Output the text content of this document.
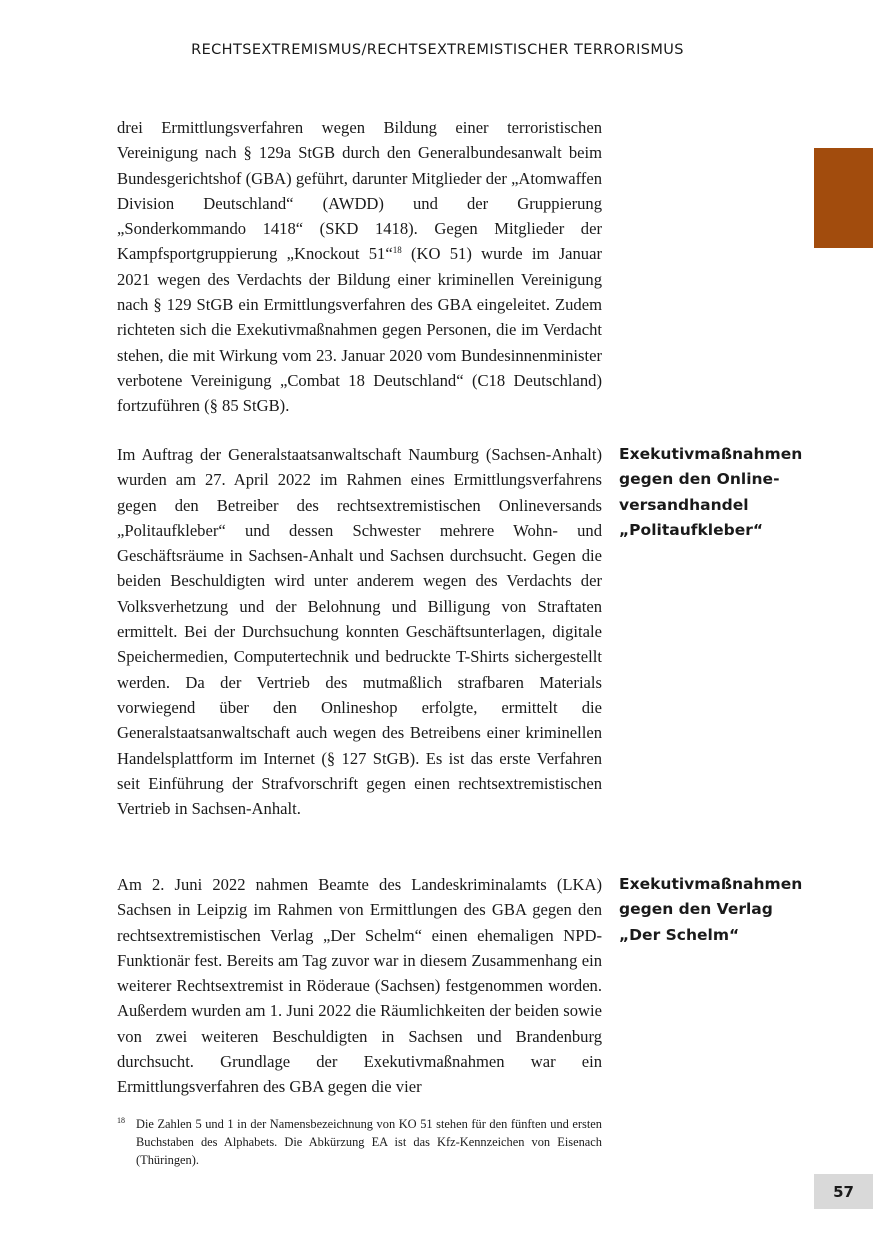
RECHTSEXTREMISMUS/RECHTSEXTREMISTISCHER TERRORISMUS

drei Ermittlungsverfahren wegen Bildung einer terroristischen Vereinigung nach § 129a StGB durch den Generalbundesanwalt beim Bundesgerichtshof (GBA) geführt, darunter Mitglieder der „Atomwaffen Division Deutschland“ (AWDD) und der Gruppierung „Sonderkommando 1418“ (SKD 1418). Gegen Mitglieder der Kampfsportgruppierung „Knockout 51“$^{18}$ (KO 51) wurde im Januar 2021 wegen des Verdachts der Bildung einer kriminellen Vereinigung nach § 129 StGB ein Ermittlungsverfahren des GBA eingeleitet. Zudem richteten sich die Exekutivmaßnahmen gegen Personen, die im Verdacht stehen, die mit Wirkung vom 23. Januar 2020 vom Bundesinnenminister verbotene Vereinigung „Combat 18 Deutschland“ (C18 Deutschland) fortzuführen (§ 85 StGB).

Im Auftrag der Generalstaatsanwaltschaft Naumburg (Sachsen-Anhalt) wurden am 27. April 2022 im Rahmen eines Ermittlungsverfahrens gegen den Betreiber des rechtsextremistischen Onlineversands „Politaufkleber“ und dessen Schwester mehrere Wohn- und Geschäftsräume in Sachsen-Anhalt und Sachsen durchsucht. Gegen die beiden Beschuldigten wird unter anderem wegen des Verdachts der Volksverhetzung und der Belohnung und Billigung von Straftaten ermittelt. Bei der Durchsuchung konnten Geschäftsunterlagen, digitale Speichermedien, Computertechnik und bedruckte T-Shirts sichergestellt werden. Da der Vertrieb des mutmaßlich strafbaren Materials vorwiegend über den Onlineshop erfolgte, ermittelt die Generalstaatsanwaltschaft auch wegen des Betreibens einer kriminellen Handelsplattform im Internet (§ 127 StGB). Es ist das erste Verfahren seit Einführung der Strafvorschrift gegen einen rechtsextremistischen Vertrieb in Sachsen-Anhalt.

Exekutivmaßnahmen
gegen den Online-
versandhandel
„Politaufkleber“

Am 2. Juni 2022 nahmen Beamte des Landeskriminalamts (LKA) Sachsen in Leipzig im Rahmen von Ermittlungen des GBA gegen den rechtsextremistischen Verlag „Der Schelm“ einen ehemaligen NPD-Funktionär fest. Bereits am Tag zuvor war in diesem Zusammenhang ein weiterer Rechtsextremist in Röderaue (Sachsen) festgenommen worden. Außerdem wurden am 1. Juni 2022 die Räumlichkeiten der beiden sowie von zwei weiteren Beschuldigten in Sachsen und Brandenburg durchsucht. Grundlage der Exekutivmaßnahmen war ein Ermittlungsverfahren des GBA gegen die vier

Exekutivmaßnahmen
gegen den Verlag
„Der Schelm“
18 Die Zahlen 5 und 1 in der Namensbezeichnung von KO 51 stehen für den fünften und ersten Buchstaben des Alphabets. Die Abkürzung EA ist das Kfz-Kennzeichen von Eisenach (Thüringen).
57
